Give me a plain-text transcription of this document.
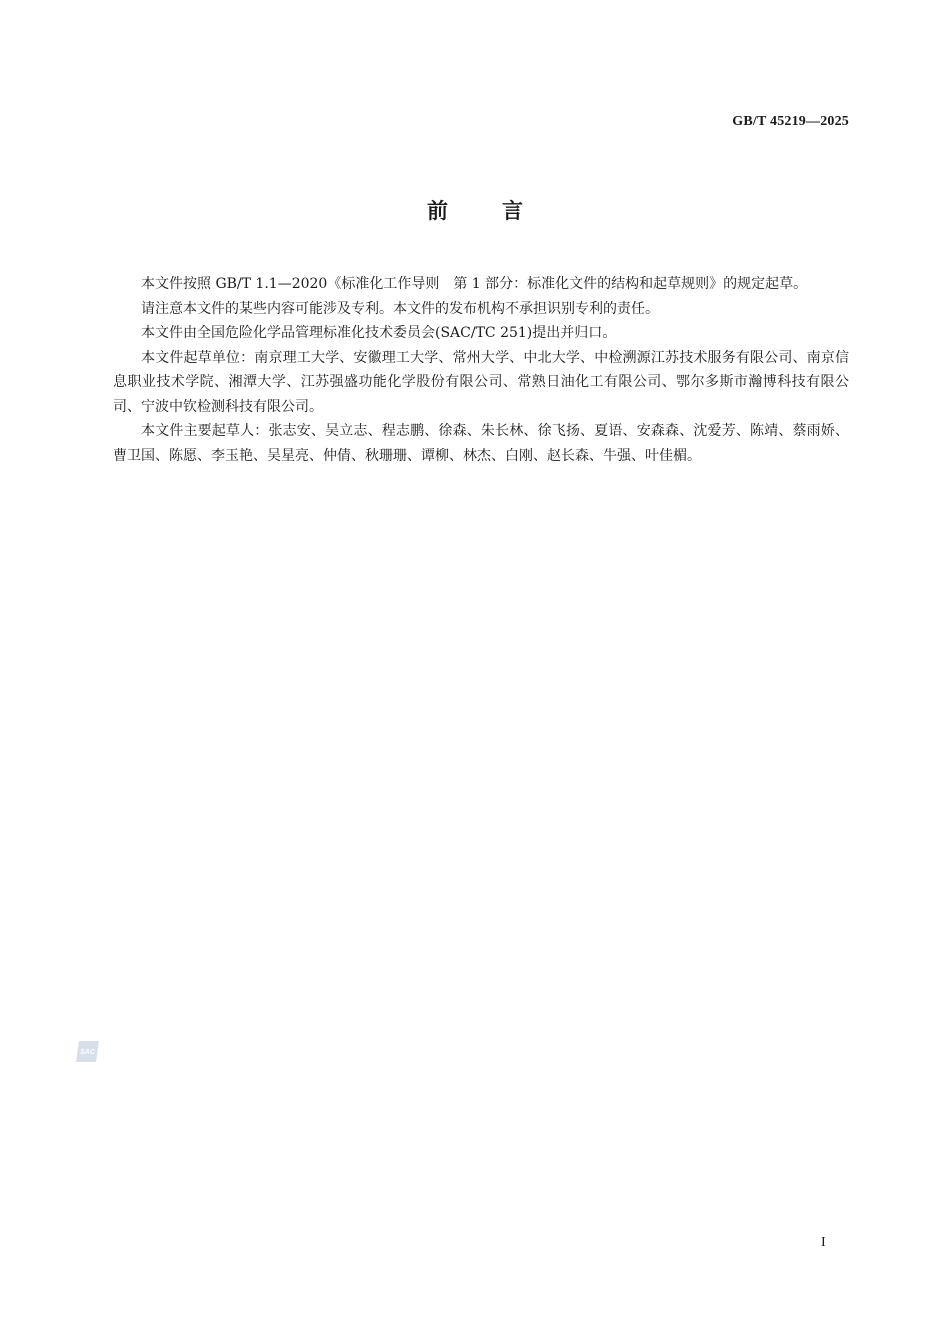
GB/T 45219—2025
前	言

本文件按照 GB/T 1.1—2020《标准化工作导则　第 1 部分：标准化文件的结构和起草规则》的规定起草。

请注意本文件的某些内容可能涉及专利。本文件的发布机构不承担识别专利的责任。

本文件由全国危险化学品管理标准化技术委员会(SAC/TC 251)提出并归口。

本文件起草单位：南京理工大学、安徽理工大学、常州大学、中北大学、中检溯源江苏技术服务有限公司、南京信息职业技术学院、湘潭大学、江苏强盛功能化学股份有限公司、常熟日油化工有限公司、鄂尔多斯市瀚博科技有限公司、宁波中钦检测科技有限公司。

本文件主要起草人：张志安、吴立志、程志鹏、徐森、朱长林、徐飞扬、夏语、安森森、沈爱芳、陈靖、蔡雨娇、曹卫国、陈愿、李玉艳、吴星亮、仲倩、秋珊珊、谭柳、林杰、白刚、赵长森、牛强、叶佳楣。

SAC
I
